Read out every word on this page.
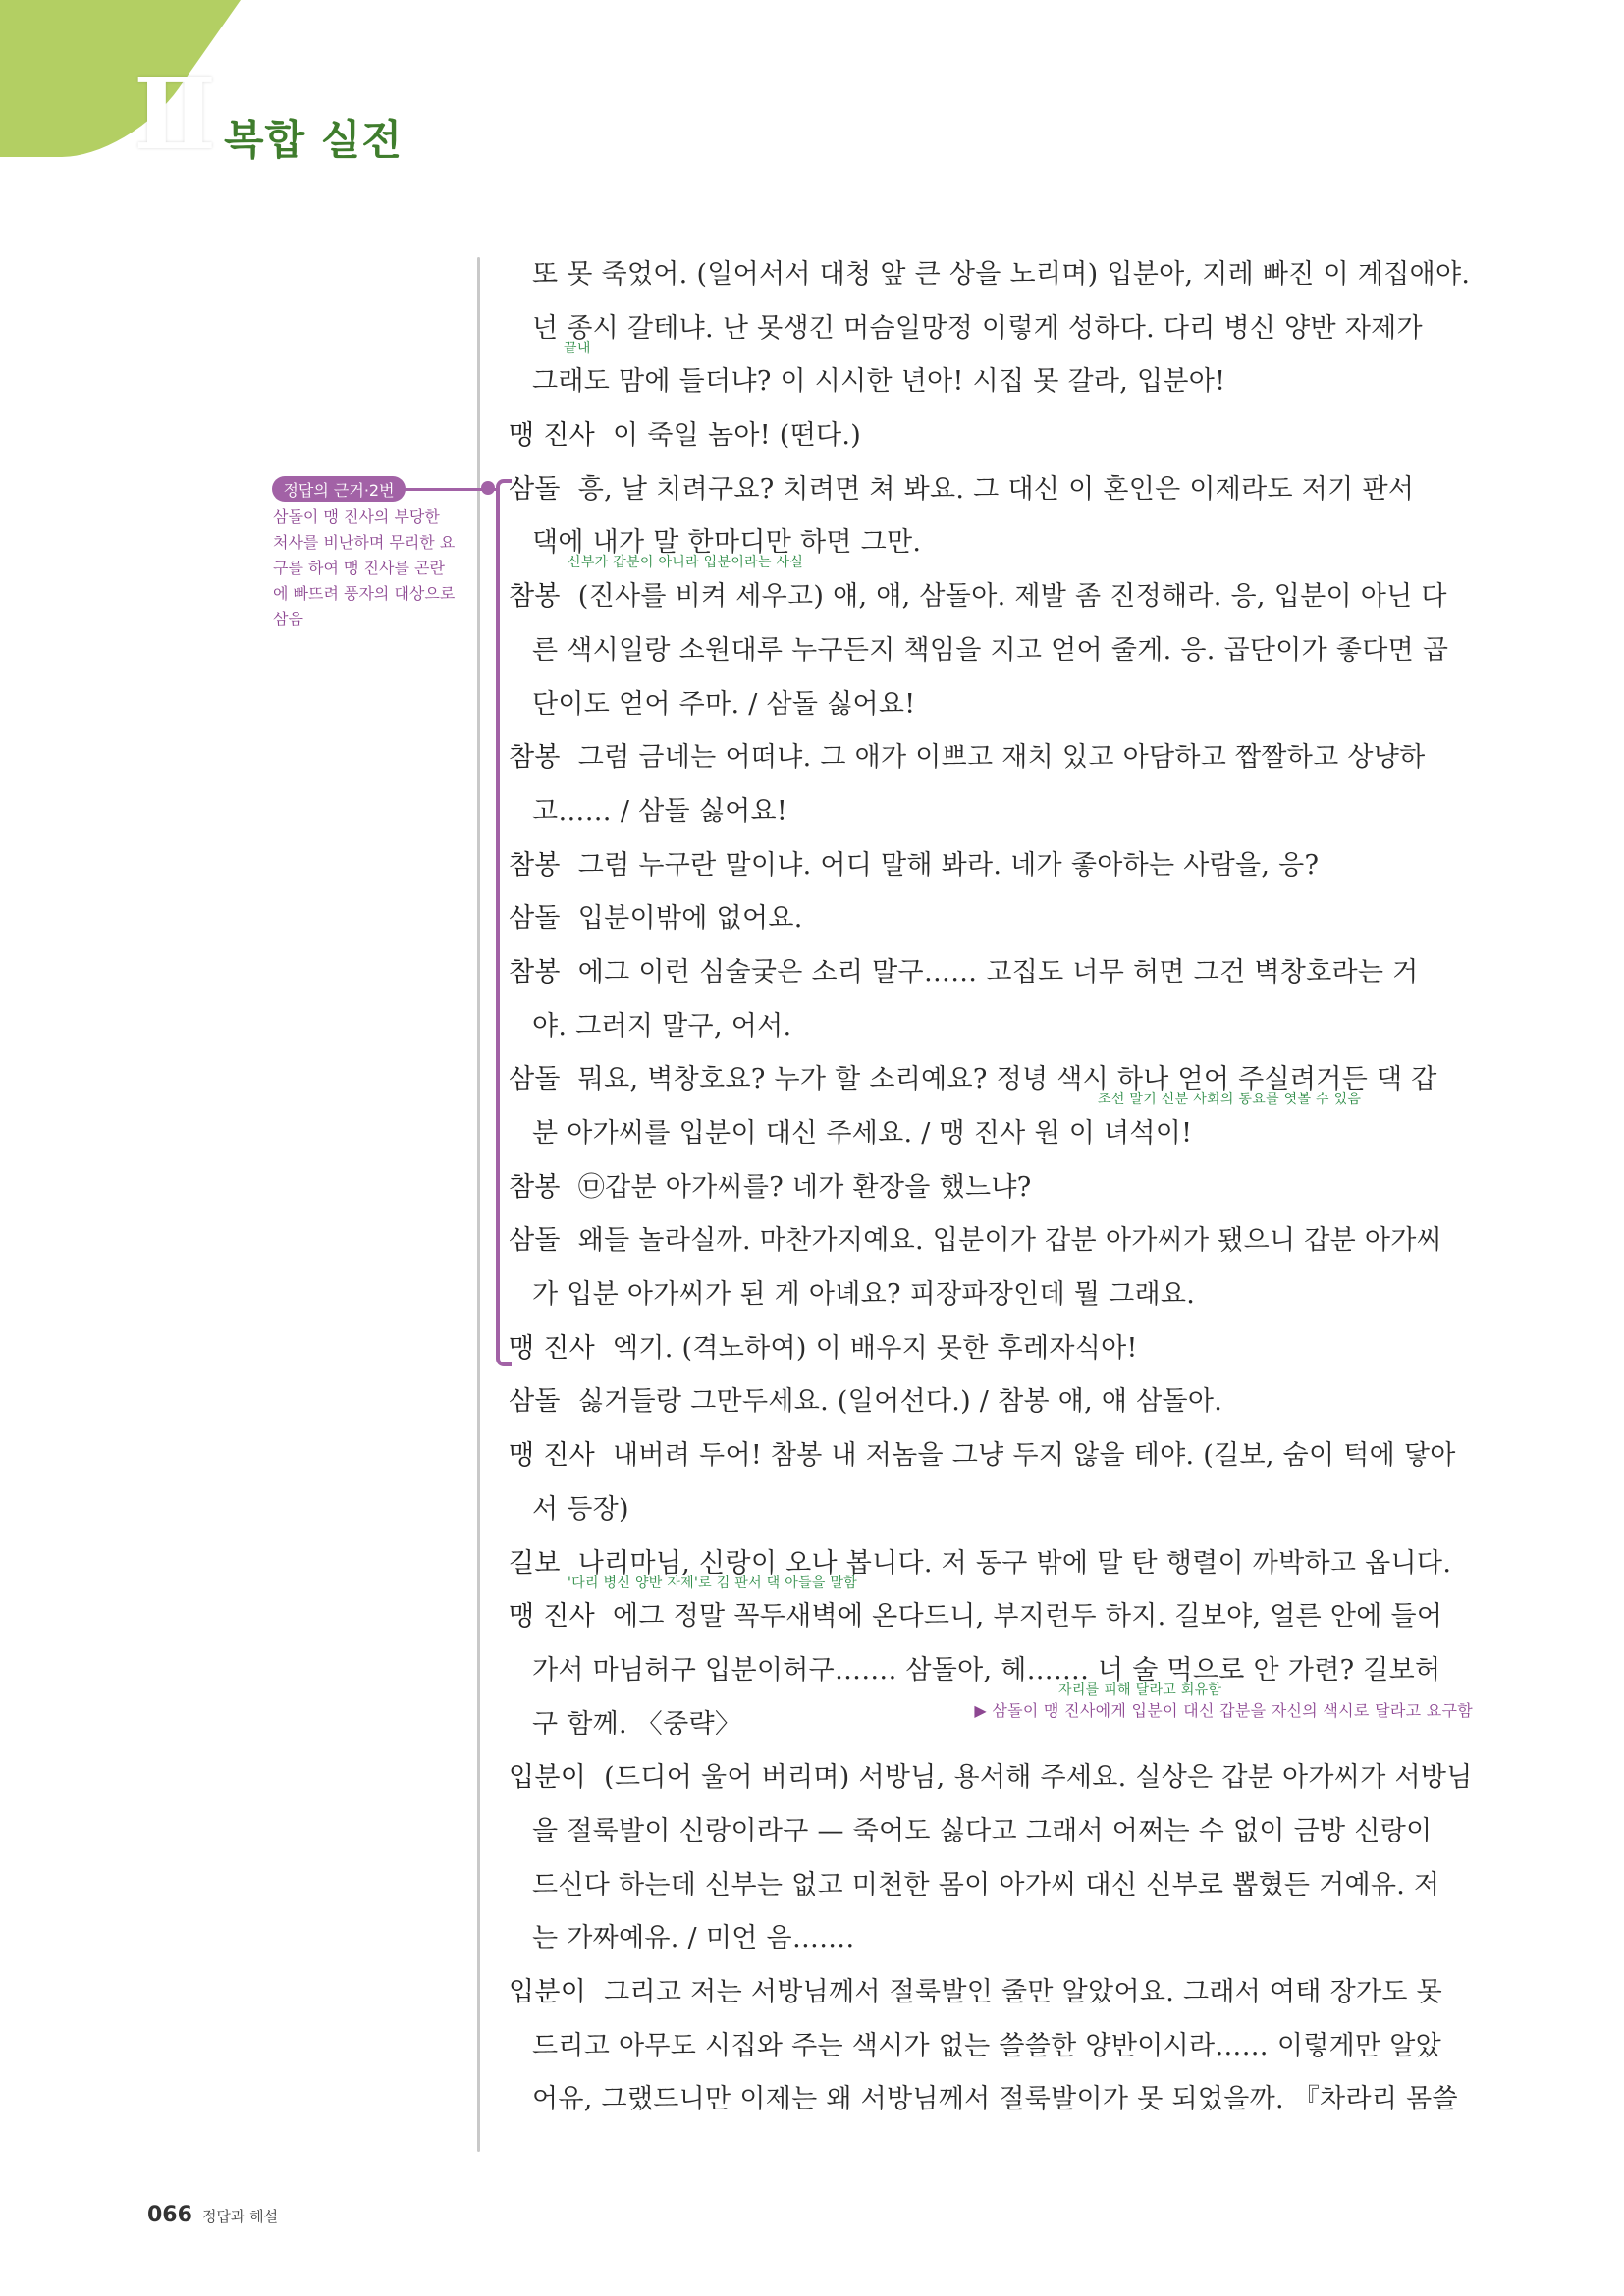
Ⅱ 복합 실전
정답의 근거·2번
삼돌이 맹 진사의 부당한 처사를 비난하며 무리한 요구를 하여 맹 진사를 곤란에 빠뜨려 풍자의 대상으로 삼음
또 못 죽었어. (일어서서 대청 앞 큰 상을 노리며) 입분아, 지레 빠진 이 계집애야.
넌 종시 갈테냐. 난 못생긴 머슴일망정 이렇게 성하다. 다리 병신 양반 자제가
끝내
그래도 맘에 들더냐? 이 시시한 년아! 시집 못 갈라, 입분아!
맹 진사 이 죽일 놈아! (떤다.)
삼돌 흥, 날 치려구요? 치려면 쳐 봐요. 그 대신 이 혼인은 이제라도 저기 판서
댁에 내가 말 한마디만 하면 그만.
신부가 갑분이 아니라 입분이라는 사실
참봉 (진사를 비켜 세우고) 얘, 얘, 삼돌아. 제발 좀 진정해라. 응, 입분이 아닌 다
른 색시일랑 소원대루 누구든지 책임을 지고 얻어 줄게. 응. 곱단이가 좋다면 곱
단이도 얻어 주마. / 삼돌 싫어요!
참봉 그럼 금네는 어떠냐. 그 애가 이쁘고 재치 있고 아담하고 짭짤하고 상냥하
고…… / 삼돌 싫어요!
참봉 그럼 누구란 말이냐. 어디 말해 봐라. 네가 좋아하는 사람을, 응?
삼돌 입분이밖에 없어요.
참봉 에그 이런 심술궂은 소리 말구…… 고집도 너무 허면 그건 벽창호라는 거
야. 그러지 말구, 어서.
삼돌 뭐요, 벽창호요? 누가 할 소리예요? 정녕 색시 하나 얻어 주실려거든 댁 갑
조선 말기 신분 사회의 동요를 엿볼 수 있음
분 아가씨를 입분이 대신 주세요. / 맹 진사 원 이 녀석이!
참봉 ㉤갑분 아가씨를? 네가 환장을 했느냐?
삼돌 왜들 놀라실까. 마찬가지예요. 입분이가 갑분 아가씨가 됐으니 갑분 아가씨
가 입분 아가씨가 된 게 아녜요? 피장파장인데 뭘 그래요.
맹 진사 엑기. (격노하여) 이 배우지 못한 후레자식아!
삼돌 싫거들랑 그만두세요. (일어선다.) / 참봉 얘, 얘 삼돌아.
맹 진사 내버려 두어! 참봉 내 저놈을 그냥 두지 않을 테야. (길보, 숨이 턱에 닿아
서 등장)
길보 나리마님, 신랑이 오나 봅니다. 저 동구 밖에 말 탄 행렬이 까박하고 옵니다.
'다리 병신 양반 자제'로 김 판서 댁 아들을 말함
맹 진사 에그 정말 꼭두새벽에 온다드니, 부지런두 하지. 길보야, 얼른 안에 들어
가서 마님허구 입분이허구……. 삼돌아, 헤……. 너 술 먹으로 안 가련? 길보허
자리를 피해 달라고 회유함
구 함께. 〈중략〉	▶ 삼돌이 맹 진사에게 입분이 대신 갑분을 자신의 색시로 달라고 요구함
입분이 (드디어 울어 버리며) 서방님, 용서해 주세요. 실상은 갑분 아가씨가 서방님
을 절룩발이 신랑이라구 — 죽어도 싫다고 그래서 어쩌는 수 없이 금방 신랑이
드신다 하는데 신부는 없고 미천한 몸이 아가씨 대신 신부로 뽑혔든 거예유. 저
는 가짜예유. / 미언 음…….
입분이 그리고 저는 서방님께서 절룩발인 줄만 알았어요. 그래서 여태 장가도 못
드리고 아무도 시집와 주는 색시가 없는 쓸쓸한 양반이시라…… 이렇게만 알았
어유, 그랬드니만 이제는 왜 서방님께서 절룩발이가 못 되었을까. 『차라리 몸쓸
066 정답과 해설
